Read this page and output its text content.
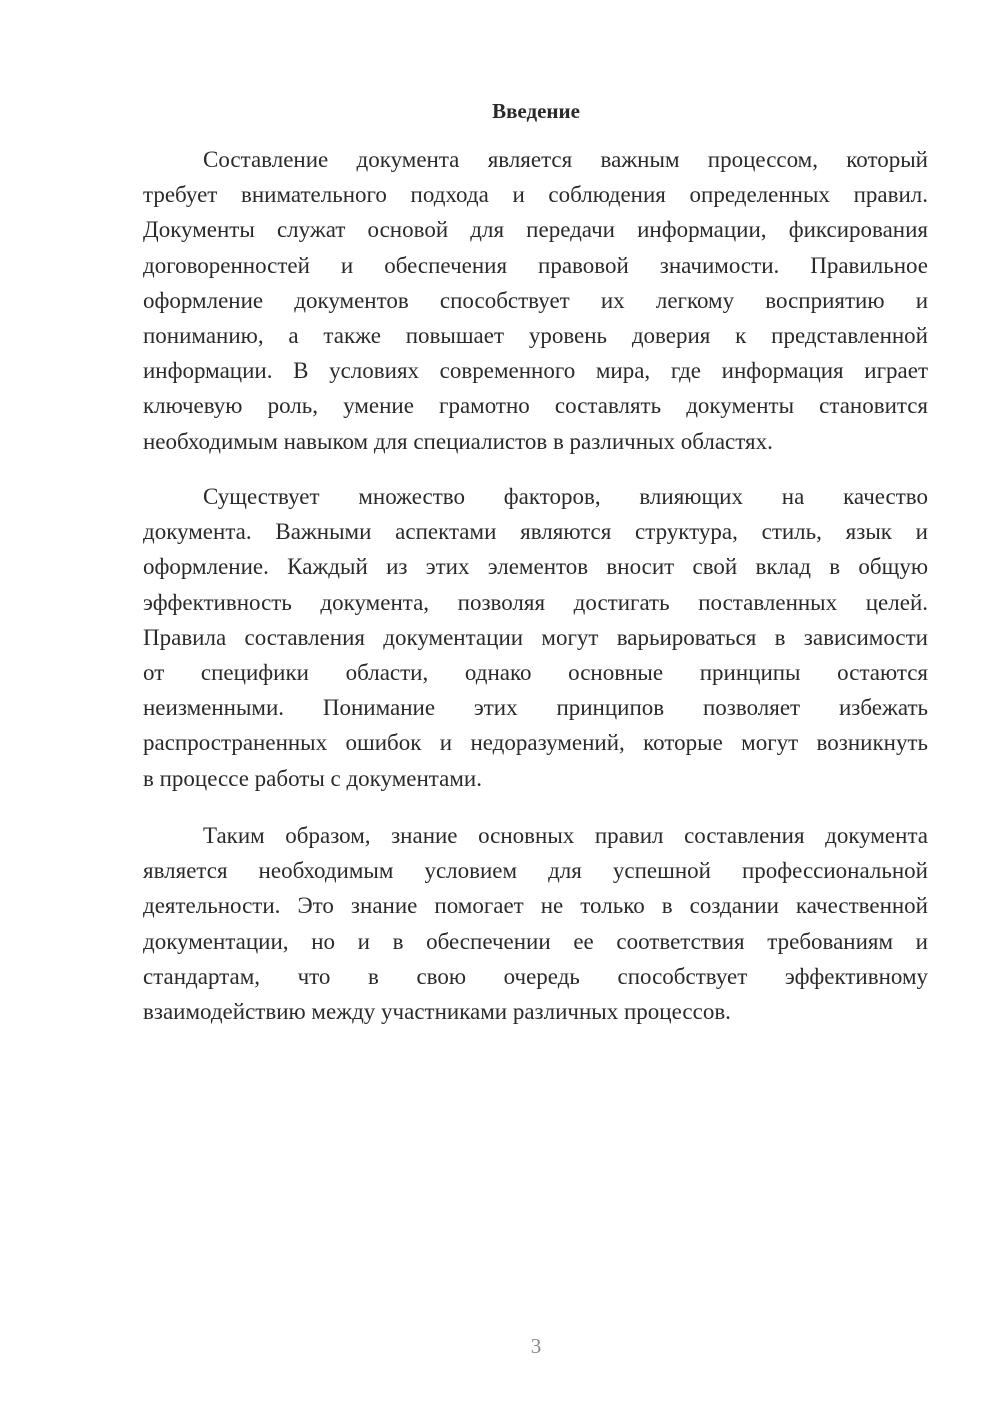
Введение
Составление документа является важным процессом, который
требует внимательного подхода и соблюдения определенных правил.
Документы служат основой для передачи информации, фиксирования
договоренностей и обеспечения правовой значимости. Правильное
оформление документов способствует их легкому восприятию и
пониманию, а также повышает уровень доверия к представленной
информации. В условиях современного мира, где информация играет
ключевую роль, умение грамотно составлять документы становится
необходимым навыком для специалистов в различных областях.
Существует множество факторов, влияющих на качество
документа. Важными аспектами являются структура, стиль, язык и
оформление. Каждый из этих элементов вносит свой вклад в общую
эффективность документа, позволяя достигать поставленных целей.
Правила составления документации могут варьироваться в зависимости
от специфики области, однако основные принципы остаются
неизменными. Понимание этих принципов позволяет избежать
распространенных ошибок и недоразумений, которые могут возникнуть
в процессе работы с документами.
Таким образом, знание основных правил составления документа
является необходимым условием для успешной профессиональной
деятельности. Это знание помогает не только в создании качественной
документации, но и в обеспечении ее соответствия требованиям и
стандартам, что в свою очередь способствует эффективному
взаимодействию между участниками различных процессов.
3
